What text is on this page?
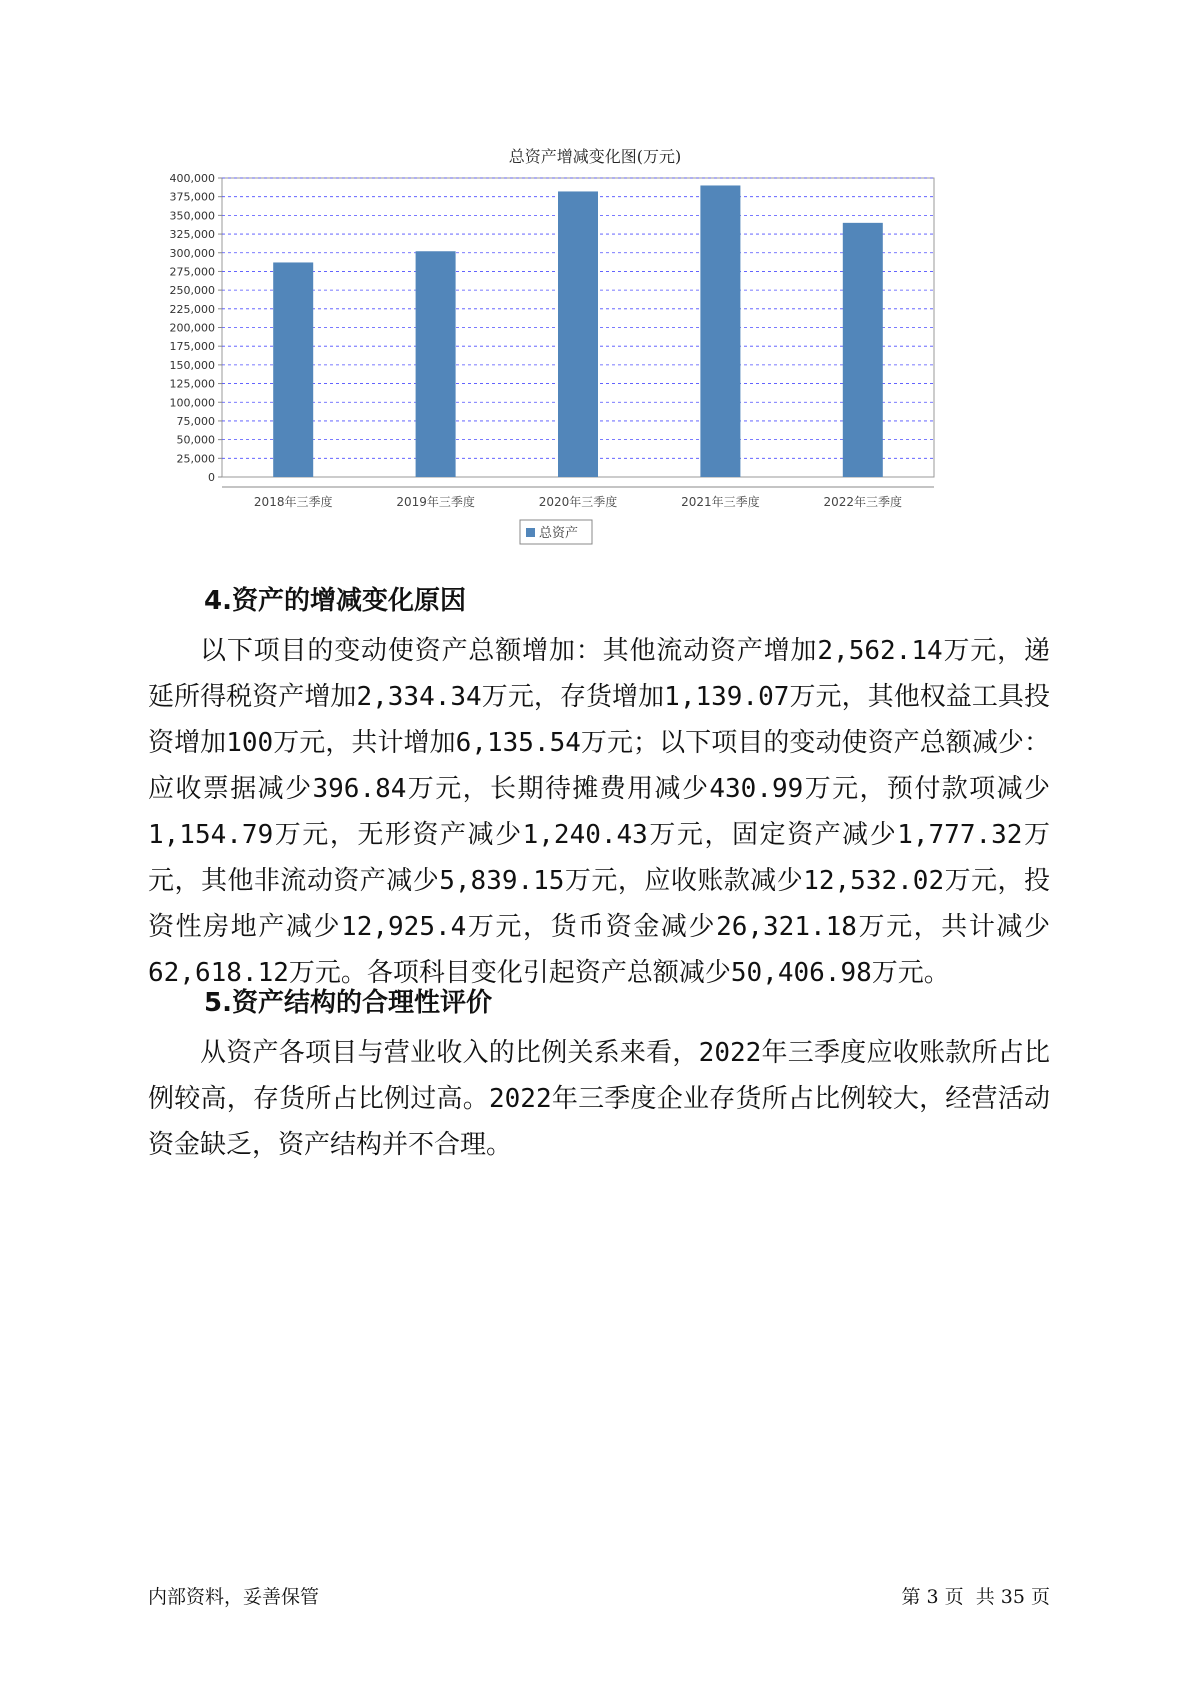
总资产增减变化图(万元)
0
25,000
50,000
75,000
100,000
125,000
150,000
175,000
200,000
225,000
250,000
275,000
300,000
325,000
350,000
375,000
400,000
2018年三季度	2019年三季度	2020年三季度	2021年三季度	2022年三季度
总资产
4.资产的增减变化原因

以下项目的变动使资产总额增加：其他流动资产增加2,562.14万元，递延所得税资产增加2,334.34万元，存货增加1,139.07万元，其他权益工具投资增加100万元，共计增加6,135.54万元；以下项目的变动使资产总额减少：应收票据减少396.84万元，长期待摊费用减少430.99万元，预付款项减少1,154.79万元，无形资产减少1,240.43万元，固定资产减少1,777.32万元，其他非流动资产减少5,839.15万元，应收账款减少12,532.02万元，投资性房地产减少12,925.4万元，货币资金减少26,321.18万元，共计减少62,618.12万元。各项科目变化引起资产总额减少50,406.98万元。

5.资产结构的合理性评价

从资产各项目与营业收入的比例关系来看，2022年三季度应收账款所占比例较高，存货所占比例过高。2022年三季度企业存货所占比例较大，经营活动资金缺乏，资产结构并不合理。

内部资料，妥善保管	第 3 页  共 35 页
